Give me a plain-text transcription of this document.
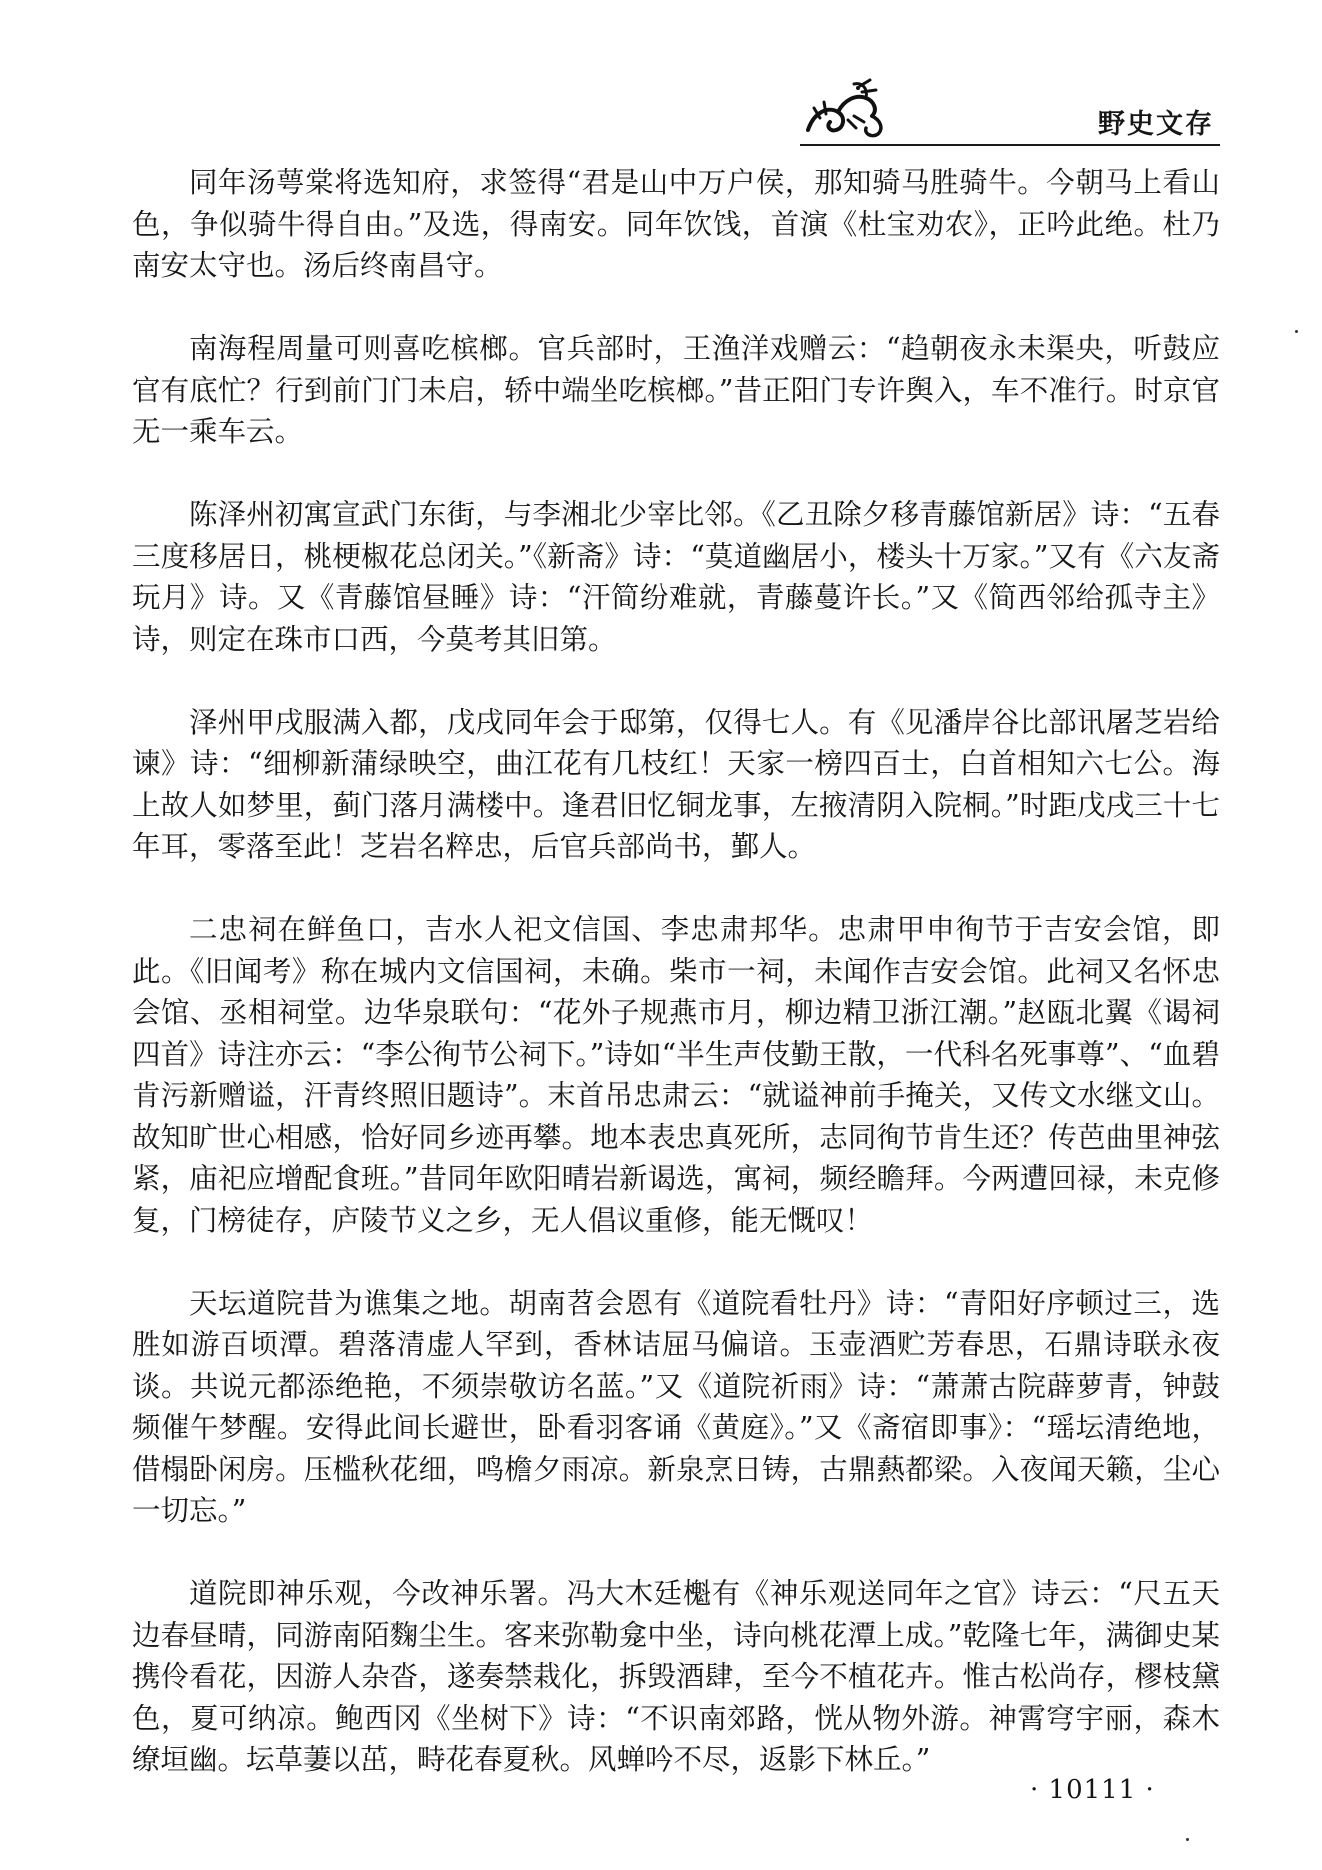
野史文存

同年汤萼棠将选知府，求签得“君是山中万户侯，那知骑马胜骑牛。今朝马上看山色，争似骑牛得自由。”及选，得南安。同年饮饯，首演《杜宝劝农》，正吟此绝。杜乃南安太守也。汤后终南昌守。

南海程周量可则喜吃槟榔。官兵部时，王渔洋戏赠云：“趋朝夜永未渠央，听鼓应官有底忙？行到前门门未启，轿中端坐吃槟榔。”昔正阳门专许舆入，车不准行。时京官无一乘车云。

陈泽州初寓宣武门东街，与李湘北少宰比邻。《乙丑除夕移青藤馆新居》诗：“五春三度移居日，桃梗椒花总闭关。”《新斋》诗：“莫道幽居小，楼头十万家。”又有《六友斋玩月》诗。又《青藤馆昼睡》诗：“汗简纷难就，青藤蔓许长。”又《简西邻给孤寺主》诗，则定在珠市口西，今莫考其旧第。

泽州甲戌服满入都，戊戌同年会于邸第，仅得七人。有《见潘岸谷比部讯屠芝岩给谏》诗：“细柳新蒲绿映空，曲江花有几枝红！天家一榜四百士，白首相知六七公。海上故人如梦里，蓟门落月满楼中。逢君旧忆铜龙事，左掖清阴入院桐。”时距戊戌三十七年耳，零落至此！芝岩名粹忠，后官兵部尚书，鄞人。

二忠祠在鲜鱼口，吉水人祀文信国、李忠肃邦华。忠肃甲申徇节于吉安会馆，即此。《旧闻考》称在城内文信国祠，未确。柴市一祠，未闻作吉安会馆。此祠又名怀忠会馆、丞相祠堂。边华泉联句：“花外子规燕市月，柳边精卫浙江潮。”赵瓯北翼《谒祠四首》诗注亦云：“李公徇节公祠下。”诗如“半生声伎勤王散，一代科名死事尊”、“血碧肯污新赠谥，汗青终照旧题诗”。末首吊忠肃云：“就谥神前手掩关，又传文水继文山。故知旷世心相感，恰好同乡迹再攀。地本表忠真死所，志同徇节肯生还？传芭曲里神弦紧，庙祀应增配食班。”昔同年欧阳晴岩新谒选，寓祠，频经瞻拜。今两遭回禄，未克修复，门榜徒存，庐陵节义之乡，无人倡议重修，能无慨叹！

天坛道院昔为谯集之地。胡南苕会恩有《道院看牡丹》诗：“青阳好序顿过三，选胜如游百顷潭。碧落清虚人罕到，香林诘屈马偏谙。玉壶酒贮芳春思，石鼎诗联永夜谈。共说元都添绝艳，不须崇敬访名蓝。”又《道院祈雨》诗：“萧萧古院薜萝青，钟鼓频催午梦醒。安得此间长避世，卧看羽客诵《黄庭》。”又《斋宿即事》：“瑶坛清绝地，借榻卧闲房。压槛秋花细，鸣檐夕雨凉。新泉烹日铸，古鼎爇都梁。入夜闻天籁，尘心一切忘。”

道院即神乐观，今改神乐署。冯大木廷櫆有《神乐观送同年之官》诗云：“尺五天边春昼晴，同游南陌麴尘生。客来弥勒龛中坐，诗向桃花潭上成。”乾隆七年，满御史某携伶看花，因游人杂沓，遂奏禁栽化，拆毁酒肆，至今不植花卉。惟古松尚存，樛枝黛色，夏可纳凉。鲍西冈《坐树下》诗：“不识南郊路，恍从物外游。神霄穹宇丽，森木缭垣幽。坛草萋以茁，畤花春夏秋。风蝉吟不尽，返影下林丘。”

· 10111 ·
